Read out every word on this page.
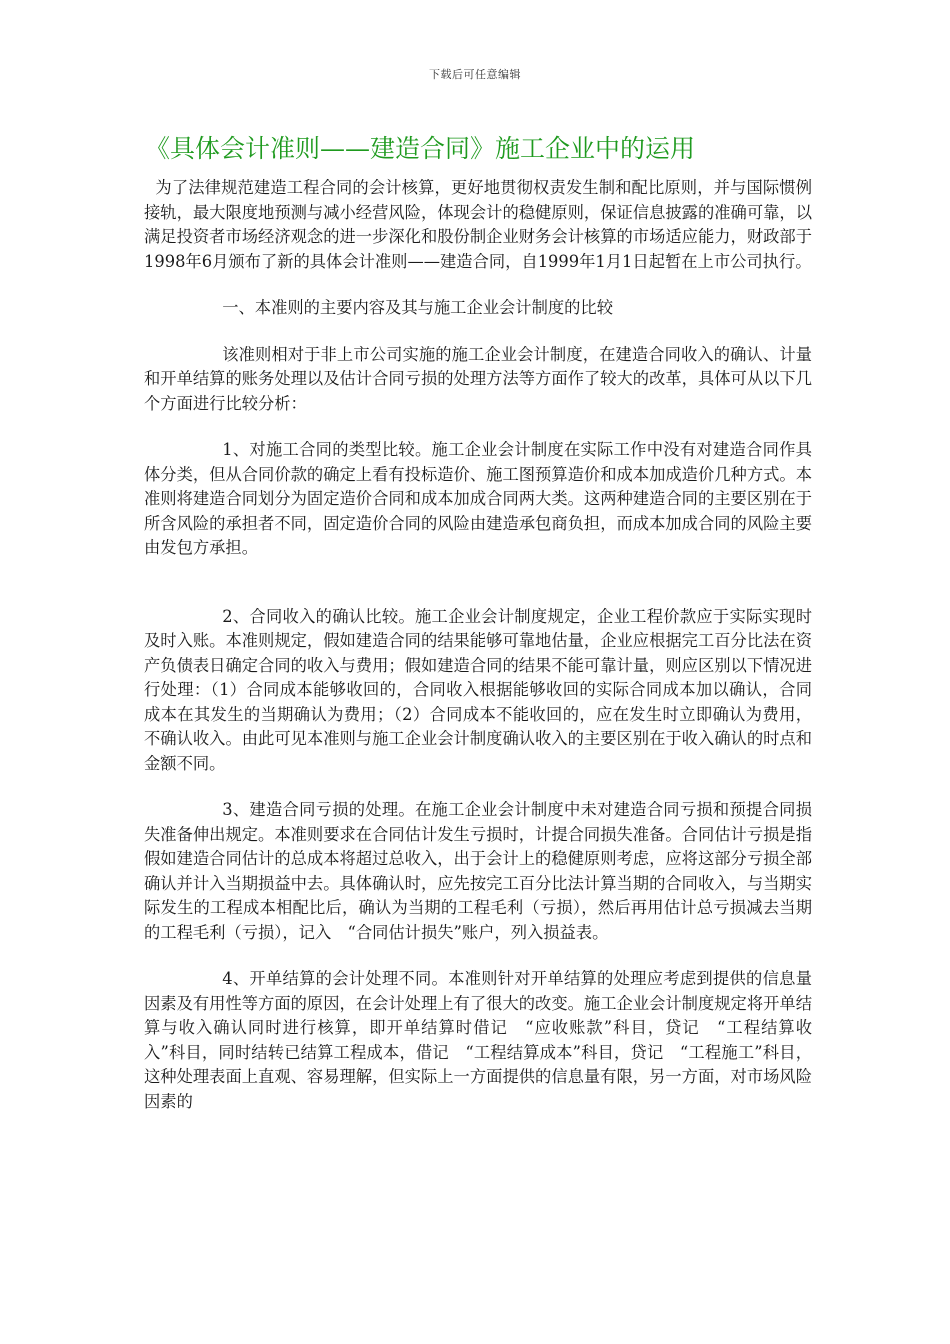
下载后可任意编辑
《具体会计准则——建造合同》施工企业中的运用

为了法律规范建造工程合同的会计核算，更好地贯彻权责发生制和配比原则，并与国际惯例接轨，最大限度地预测与减小经营风险，体现会计的稳健原则，保证信息披露的准确可靠，以满足投资者市场经济观念的进一步深化和股份制企业财务会计核算的市场适应能力，财政部于1998年6月颁布了新的具体会计准则——建造合同，自1999年1月1日起暂在上市公司执行。

一、本准则的主要内容及其与施工企业会计制度的比较

该准则相对于非上市公司实施的施工企业会计制度，在建造合同收入的确认、计量和开单结算的账务处理以及估计合同亏损的处理方法等方面作了较大的改革，具体可从以下几个方面进行比较分析：

1、对施工合同的类型比较。施工企业会计制度在实际工作中没有对建造合同作具体分类，但从合同价款的确定上看有投标造价、施工图预算造价和成本加成造价几种方式。本准则将建造合同划分为固定造价合同和成本加成合同两大类。这两种建造合同的主要区别在于所含风险的承担者不同，固定造价合同的风险由建造承包商负担，而成本加成合同的风险主要由发包方承担。

2、合同收入的确认比较。施工企业会计制度规定，企业工程价款应于实际实现时及时入账。本准则规定，假如建造合同的结果能够可靠地估量，企业应根据完工百分比法在资产负债表日确定合同的收入与费用；假如建造合同的结果不能可靠计量，则应区别以下情况进行处理：（1）合同成本能够收回的，合同收入根据能够收回的实际合同成本加以确认，合同成本在其发生的当期确认为费用；（2）合同成本不能收回的，应在发生时立即确认为费用，不确认收入。由此可见本准则与施工企业会计制度确认收入的主要区别在于收入确认的时点和金额不同。

3、建造合同亏损的处理。在施工企业会计制度中未对建造合同亏损和预提合同损失准备伸出规定。本准则要求在合同估计发生亏损时，计提合同损失准备。合同估计亏损是指假如建造合同估计的总成本将超过总收入，出于会计上的稳健原则考虑，应将这部分亏损全部确认并计入当期损益中去。具体确认时，应先按完工百分比法计算当期的合同收入，与当期实际发生的工程成本相配比后，确认为当期的工程毛利（亏损），然后再用估计总亏损减去当期的工程毛利（亏损），记入　“合同估计损失”账户，列入损益表。

4、开单结算的会计处理不同。本准则针对开单结算的处理应考虑到提供的信息量因素及有用性等方面的原因，在会计处理上有了很大的改变。施工企业会计制度规定将开单结算与收入确认同时进行核算，即开单结算时借记　“应收账款”科目，贷记　“工程结算收入”科目，同时结转已结算工程成本，借记　“工程结算成本”科目，贷记　“工程施工”科目，这种处理表面上直观、容易理解，但实际上一方面提供的信息量有限，另一方面，对市场风险因素的
